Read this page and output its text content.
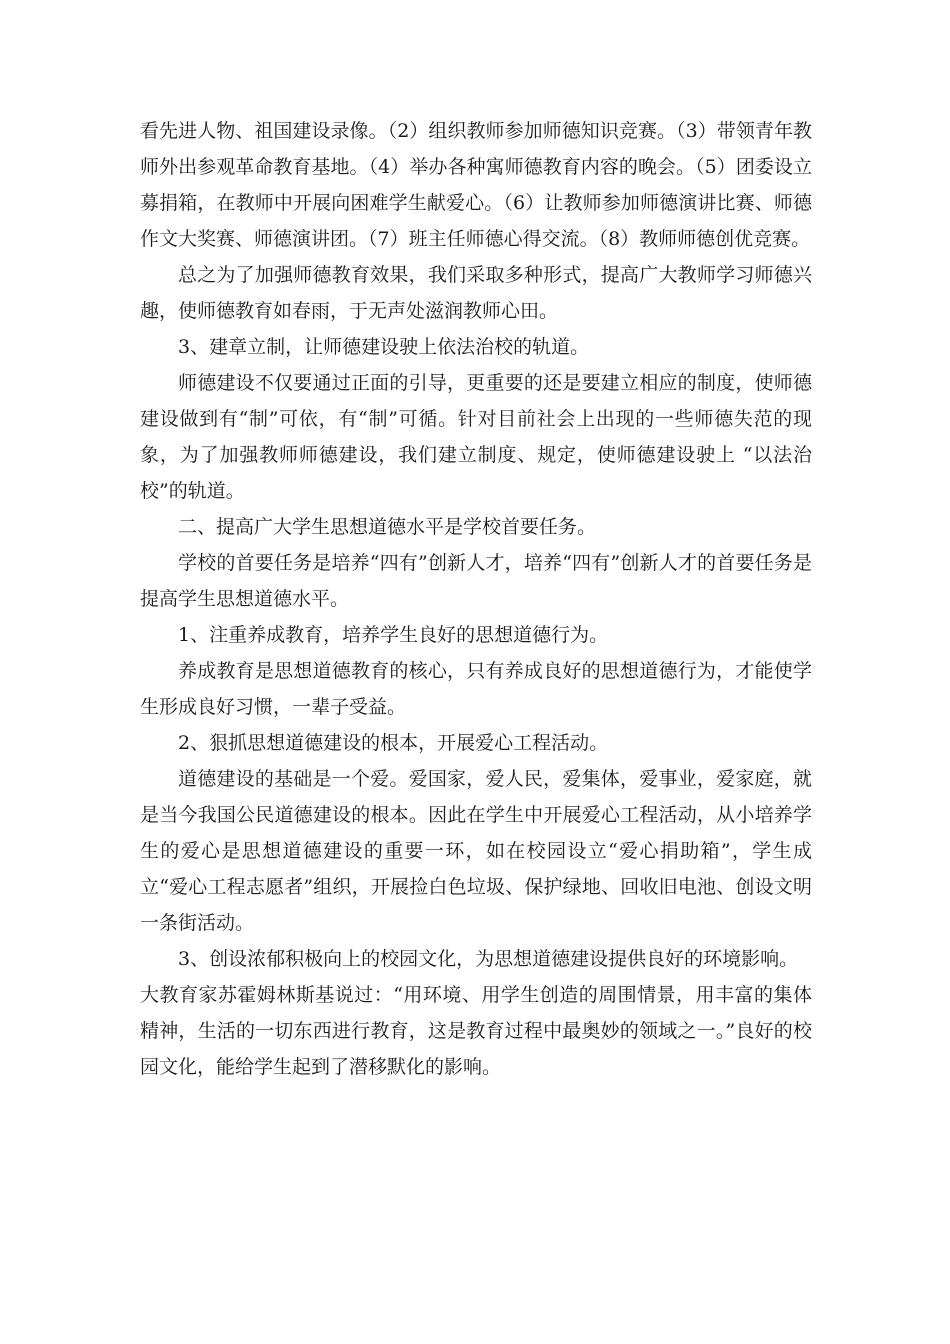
看先进人物、祖国建设录像。（2）组织教师参加师德知识竞赛。（3）带领青年教师外出参观革命教育基地。（4）举办各种寓师德教育内容的晚会。（5）团委设立募捐箱，在教师中开展向困难学生献爱心。（6）让教师参加师德演讲比赛、师德作文大奖赛、师德演讲团。（7）班主任师德心得交流。（8）教师师德创优竞赛。

总之为了加强师德教育效果，我们采取多种形式，提高广大教师学习师德兴趣，使师德教育如春雨，于无声处滋润教师心田。

3、建章立制，让师德建设驶上依法治校的轨道。

师德建设不仅要通过正面的引导，更重要的还是要建立相应的制度，使师德建设做到有“制”可依，有“制”可循。针对目前社会上出现的一些师德失范的现象，为了加强教师师德建设，我们建立制度、规定，使师德建设驶上 “以法治校”的轨道。

二、提高广大学生思想道德水平是学校首要任务。

学校的首要任务是培养“四有”创新人才，培养“四有”创新人才的首要任务是提高学生思想道德水平。

1、注重养成教育，培养学生良好的思想道德行为。

养成教育是思想道德教育的核心，只有养成良好的思想道德行为，才能使学生形成良好习惯，一辈子受益。

2、狠抓思想道德建设的根本，开展爱心工程活动。

道德建设的基础是一个爱。爱国家，爱人民，爱集体，爱事业，爱家庭，就是当今我国公民道德建设的根本。因此在学生中开展爱心工程活动，从小培养学生的爱心是思想道德建设的重要一环，如在校园设立“爱心捐助箱”，学生成立“爱心工程志愿者”组织，开展捡白色垃圾、保护绿地、回收旧电池、创设文明一条街活动。

3、创设浓郁积极向上的校园文化，为思想道德建设提供良好的环境影响。

大教育家苏霍姆林斯基说过：“用环境、用学生创造的周围情景，用丰富的集体精神，生活的一切东西进行教育，这是教育过程中最奥妙的领域之一。”良好的校园文化，能给学生起到了潜移默化的影响。
